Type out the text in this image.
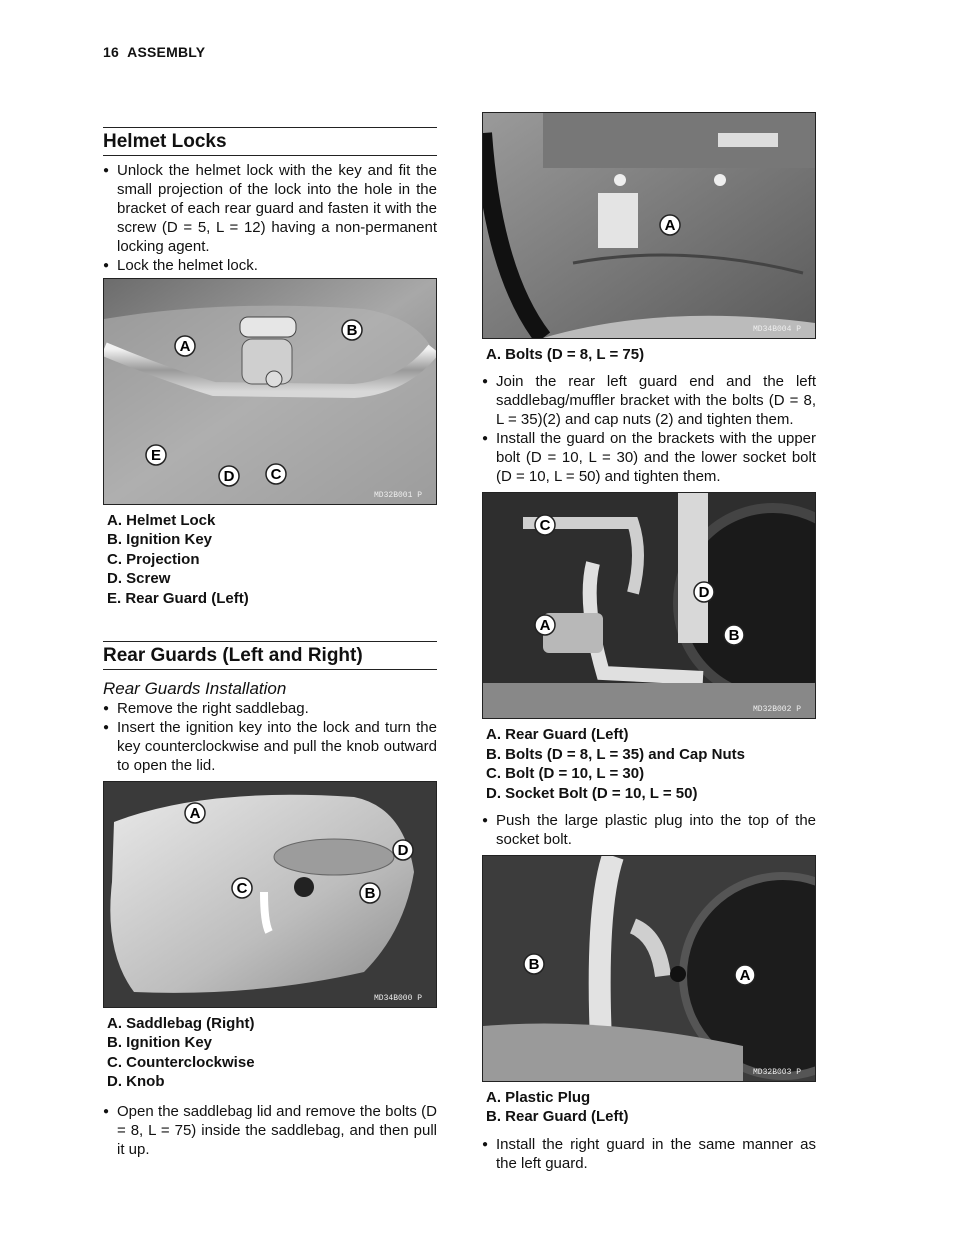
16 ASSEMBLY
Helmet Locks
● Unlock the helmet lock with the key and fit the small projection of the lock into the hole in the bracket of each rear guard and fasten it with the screw (D = 5, L = 12) having a non-permanent locking agent.
● Lock the helmet lock.
A
B
C
D
E
MD32B001 P
A. Helmet Lock
B. Ignition Key
C. Projection
D. Screw
E. Rear Guard (Left)
Rear Guards (Left and Right)
Rear Guards Installation
● Remove the right saddlebag.
● Insert the ignition key into the lock and turn the key counterclockwise and pull the knob outward to open the lid.
A
B
C
D
MD34B000 P
A. Saddlebag (Right)
B. Ignition Key
C. Counterclockwise
D. Knob
● Open the saddlebag lid and remove the bolts (D = 8, L = 75) inside the saddlebag, and then pull it up.
A
MD34B004 P
A. Bolts (D = 8, L = 75)
● Join the rear left guard end and the left saddlebag/muffler bracket with the bolts (D = 8, L = 35)(2) and cap nuts (2) and tighten them.
● Install the guard on the brackets with the upper bolt (D = 10, L = 30) and the lower socket bolt (D = 10, L = 50) and tighten them.
A
B
C
D
MD32B002 P
A. Rear Guard (Left)
B. Bolts (D = 8, L = 35) and Cap Nuts
C. Bolt (D = 10, L = 30)
D. Socket Bolt (D = 10, L = 50)
● Push the large plastic plug into the top of the socket bolt.
A
B
MD32B003 P
A. Plastic Plug
B. Rear Guard (Left)
● Install the right guard in the same manner as the left guard.
